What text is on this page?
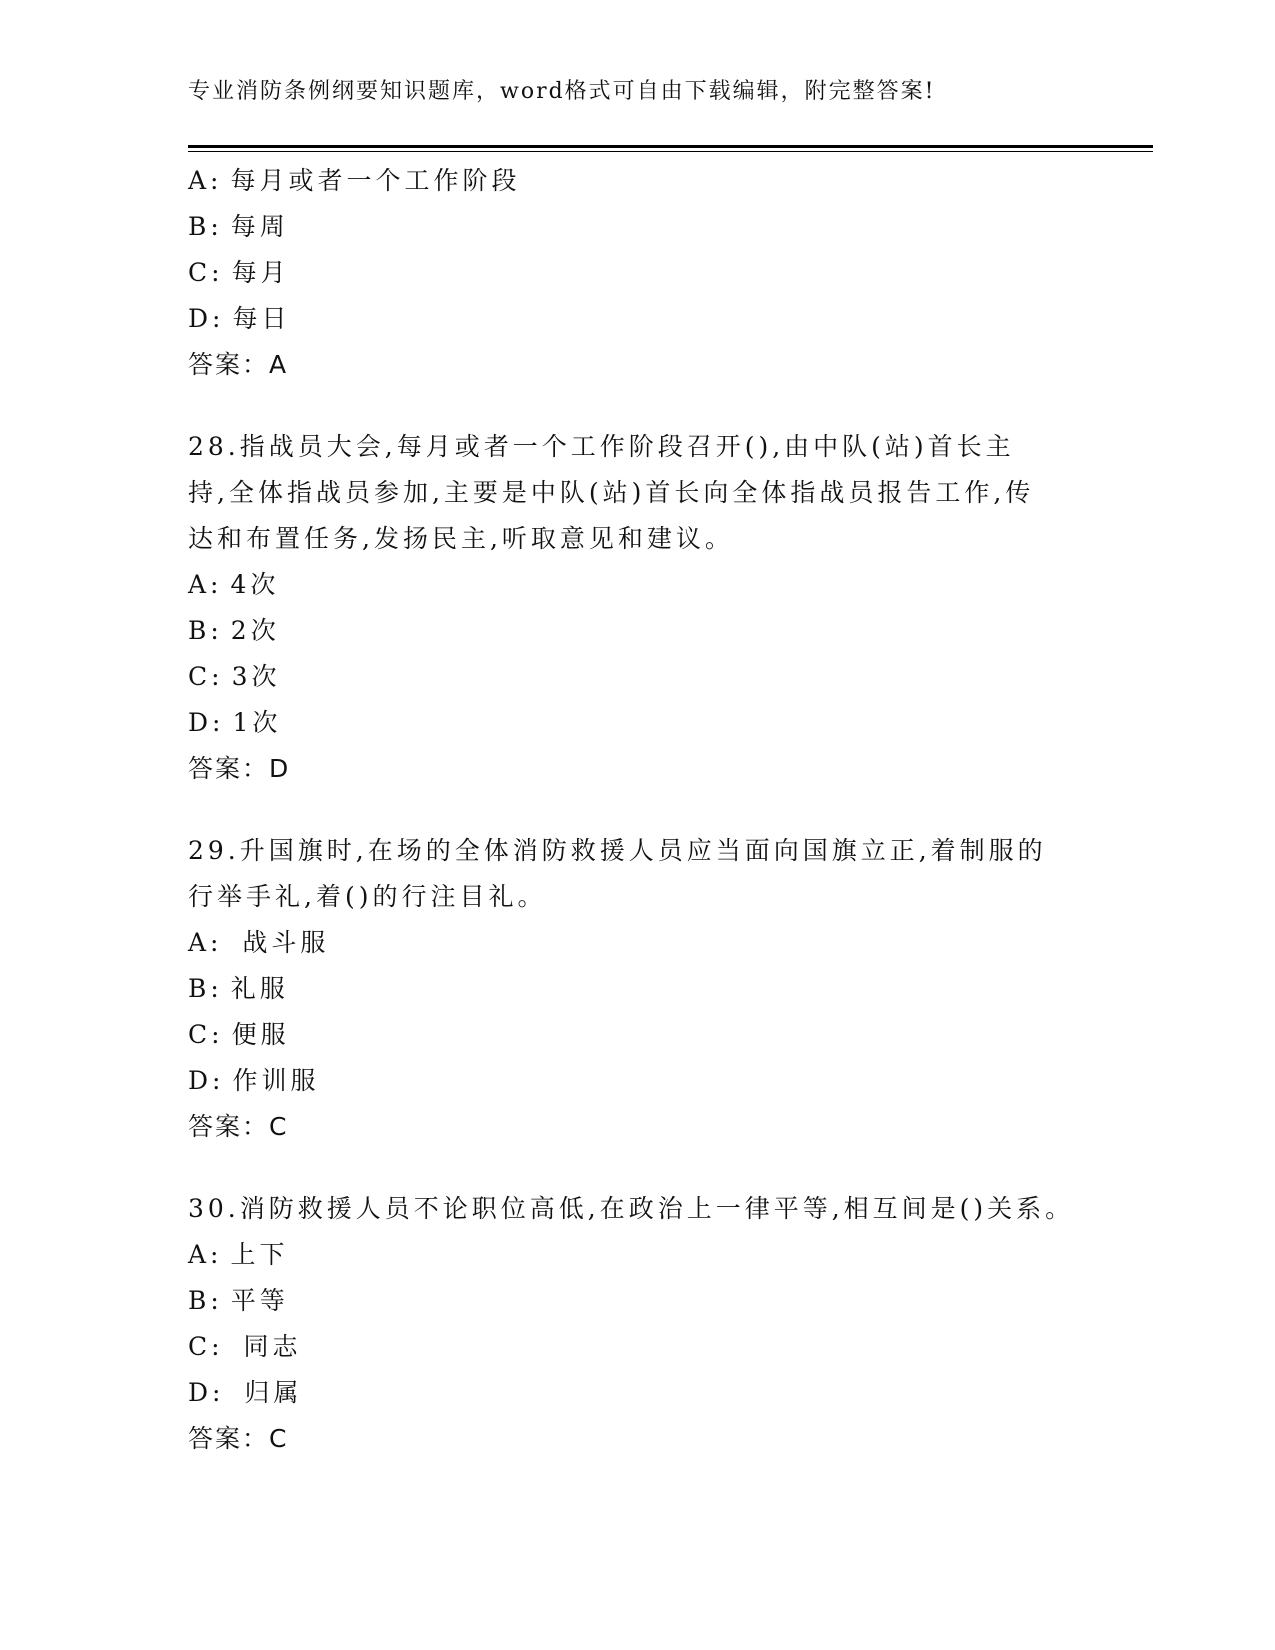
专业消防条例纲要知识题库，word格式可自由下载编辑，附完整答案!
A: 每月或者一个工作阶段
B: 每周
C: 每月
D: 每日
答案：A
28.指战员大会,每月或者一个工作阶段召开(),由中队(站)首长主 持,全体指战员参加,主要是中队(站)首长向全体指战员报告工作,传达和布置任务,发扬民主,听取意见和建议。
A: 4次
B: 2次
C: 3次
D: 1次
答案：D
29.升国旗时,在场的全体消防救援人员应当面向国旗立正,着制服的行举手礼,着()的行注目礼。
A: 战斗服
B: 礼服
C: 便服
D: 作训服
答案：C
30.消防救援人员不论职位高低,在政治上一律平等,相互间是()关系。
A: 上下
B: 平等
C: 同志
D: 归属
答案：C
